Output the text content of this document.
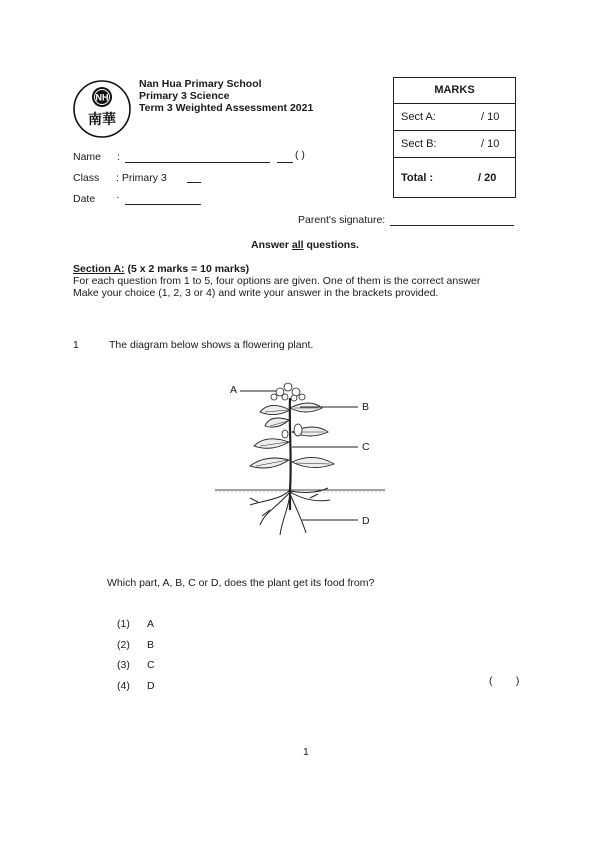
NH
南華
Nan Hua Primary School
Primary 3 Science
Term 3 Weighted Assessment 2021
Name :	( )
Class : Primary 3
Date ·
MARKS
Sect A:	/ 10
Sect B:	/ 10
Total :	/ 20
Parent's signature:
Answer all questions.
Section A: (5 x 2 marks = 10 marks)
For each question from 1 to 5, four options are given. One of them is the correct answer
Make your choice (1, 2, 3 or 4) and write your answer in the brackets provided.
1	The diagram below shows a flowering plant.
A
B
C
D
Which part, A, B, C or D, does the plant get its food from?
(1) A
(2) B
(3) C
(4) D	(        )
1
